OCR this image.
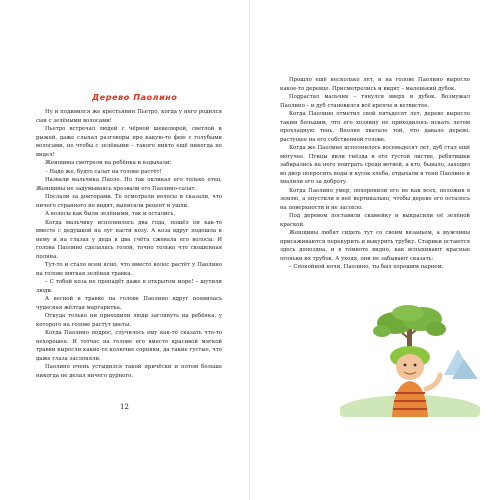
Дерево Паолино

Ну и подивился же крестьянин Пьетро, когда у него родился сын с зелёными волосами!

Пьетро встречал людей с чёрной шевелюрой, светлой и рыжей, даже слыхал разговоры про какую-то фею с голубыми волосами, но чтобы с зелёными – такого никто ещё никогда не видел!

Женщины смотрели на ребёнка и вздыхали:

– Надо же, будто салат на голове растёт!

Назвали мальчика Паоло. Но так окликал его только отец. Женщины не задумываясь прозвали его Паолино-салат.

Послали за докторами. Те осмотрели волосы и сказали, что ничего странного не видят, выписали рецепт и ушли.

А волосы как были зелёными, так и остались.

Когда мальчику исполнилось два года, пошёл он как-то вместе с дедушкой на луг пасти козу. А коза вдруг подошла к нему и на глазах у деда в два счёта сжевала его волосы. И голова Паолино сделалась голой, точно только что скошенная поляна.

Тут-то и стало всем ясно, что вместо волос растёт у Паолино на голове мягкая зелёная травка.

– С тобой коза не пропадёт даже в открытом море! – шутили люди.

А весной в травке на голове Паолино вдруг появилась чудесная жёлтая маргаритка.

Откуда только ни приходили люди заглянуть на ребёнка, у которого на голове растут цветы.

Когда Паолино подрос, случилось ему как-то сказать что-то нехорошее. И тотчас на голове его вместо красивой мягкой травки выросли какие-то колючие сорняки, да такие густые, что даже глаза заслоняли.

Паолино очень устыдился такой причёски и потом больше никогда не делал ничего дурного.

12

Прошло ещё несколько лет, и на голове Паолино выросло какое-то деревце. Присмотрелись и видят – маленький дубок.

Подрастал мальчик – тянулся вверх и дубок. Возмужал Паолино – и дуб становился всё крепче и ветвистее.

Когда Паолино отметил свой пятьдесят лет, дерево выросло таким большим, что его хозяину не приходилось искать летом прохладную тень. Вполне хватало той, что давало дерево, растущее на его собственной голове.

Когда же Паолино исполнилось восемьдесят лет, дуб стал ещё могучее. Птицы вили гнёзда в его густой листве, ребятишки забирались на него поиграть среди ветвей, а кто, бывало, заходил во двор попросить воды и кусок хлеба, отдыхали в тени Паолино и хвалили его за доброту.

Когда Паолино умер, похоронили его не как всех, положив в землю, а опустили в неё вертикально, чтобы дерево его осталось на поверхности и не засохло.

Под деревом поставили скамейку и выкрасили её зелёной краской.

Женщины любят сидеть тут со своим вязаньем, а мужчины присаживаются перекурить и выкурить трубку. Старики остаются здесь допоздна, и в темноте видно, как вспыхивают красные огоньки их трубок. А уходя, они не забывают сказать:

– Спокойной ночи, Паолино, ты был хорошим парнем.
